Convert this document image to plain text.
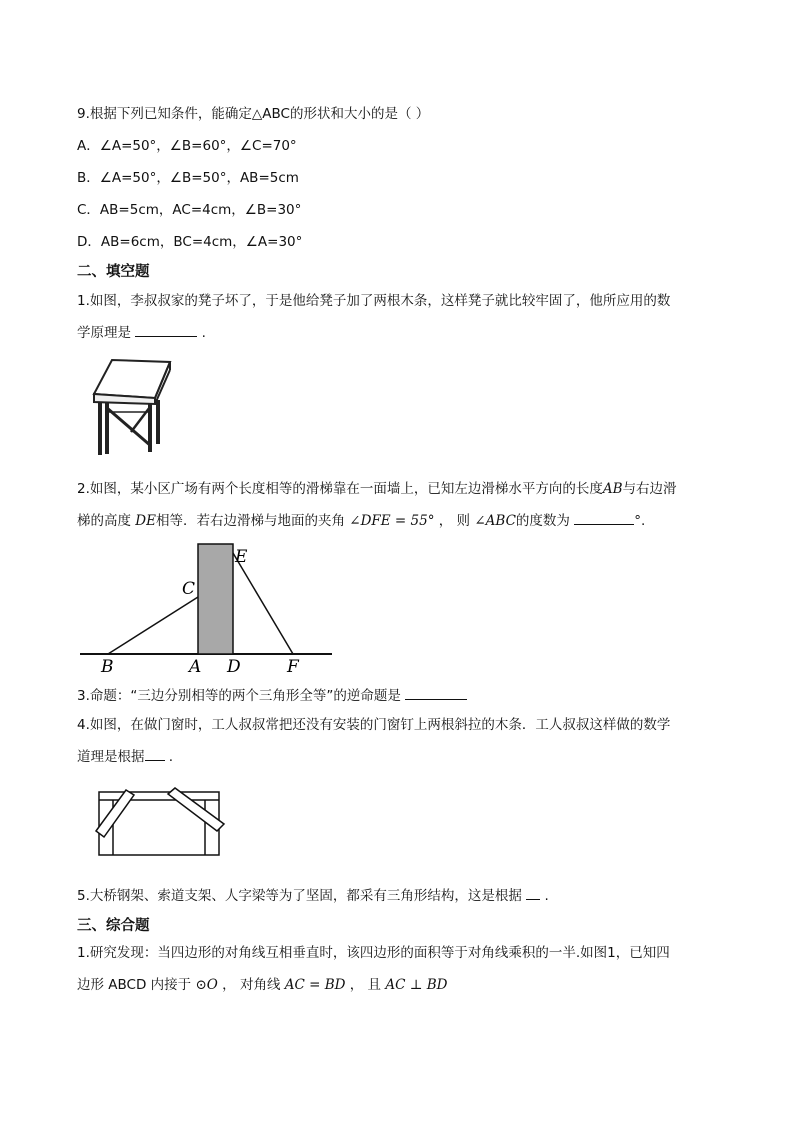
9.根据下列已知条件，能确定△ABC的形状和大小的是（ ）
A．∠A=50°，∠B=60°，∠C=70°
B．∠A=50°，∠B=50°，AB=5cm
C．AB=5cm，AC=4cm，∠B=30°
D．AB=6cm，BC=4cm，∠A=30°
二、填空题
1.如图，李叔叔家的凳子坏了，于是他给凳子加了两根木条，这样凳子就比较牢固了，他所应用的数
学原理是	.
2.如图，某小区广场有两个长度相等的滑梯靠在一面墙上，已知左边滑梯水平方向的长度AB与右边滑
梯的高度 DE相等．若右边滑梯与地面的夹角 ∠DFE = 55° ， 则 ∠ABC的度数为	°.
B	A D	F
C
E
3.命题：“三边分别相等的两个三角形全等”的逆命题是
4.如图，在做门窗时，工人叔叔常把还没有安装的门窗钉上两根斜拉的木条．工人叔叔这样做的数学
道理是根据 .
5.大桥钢架、索道支架、人字梁等为了坚固，都采有三角形结构，这是根据 .
三、综合题
1.研究发现：当四边形的对角线互相垂直时，该四边形的面积等于对角线乘积的一半.如图1，已知四
边形 ABCD 内接于 ⊙O ， 对角线 AC = BD ， 且 AC ⊥ BD
